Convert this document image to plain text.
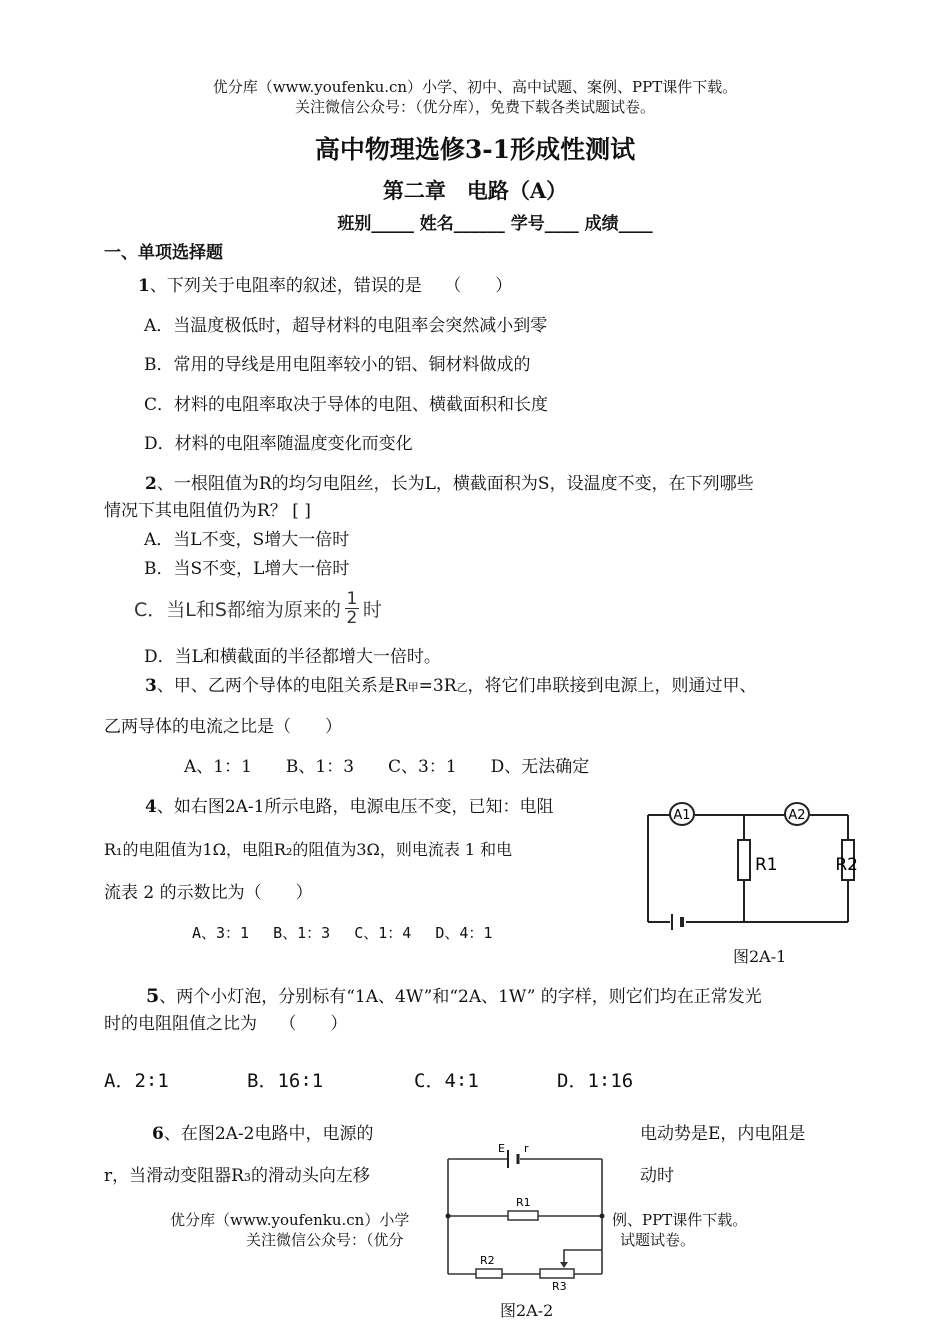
优分库（www.youfenku.cn）小学、初中、高中试题、案例、PPT课件下载。
关注微信公众号：（优分库），免费下载各类试题试卷。
高中物理选修3-1形成性测试
第二章　电路（A）
班别_____ 姓名______ 学号____ 成绩____
一、单项选择题
1、下列关于电阻率的叙述，错误的是　 （　　）
A．当温度极低时，超导材料的电阻率会突然减小到零
B．常用的导线是用电阻率较小的铝、铜材料做成的
C．材料的电阻率取决于导体的电阻、横截面积和长度
D．材料的电阻率随温度变化而变化
2、一根阻值为R的均匀电阻丝，长为L，横截面积为S，设温度不变，在下列哪些
情况下其电阻值仍为R？ [ ]
A．当L不变，S增大一倍时
B．当S不变，L增大一倍时
C．当L和S都缩为原来的 1
2 时
D．当L和横截面的半径都增大一倍时。
3、甲、乙两个导体的电阻关系是R甲=3R乙，将它们串联接到电源上，则通过甲、
乙两导体的电流之比是（　　）
A、1：1　　B、1：3　　C、3：1　　D、无法确定
4、如右图2A-1所示电路，电源电压不变，已知：电阻
R₁的电阻值为1Ω，电阻R₂的阻值为3Ω，则电流表 1 和电
流表 2 的示数比为（　　）
A、3：1　 B、1：3　 C、1：4　 D、4：1
A1	A2
R1	R2
图2A-1
5、两个小灯泡，分别标有“1A、4W”和“2A、1W” 的字样，则它们均在正常发光
时的电阻阻值之比为　 （　　）
A．2∶1	B．16∶1	C．4∶1	D．1∶16
6、在图2A-2电路中，电源的	电动势是E，内电阻是
r，当滑动变阻器R3的滑动头向左移	动时
E r
R1
R2
R3
图2A-2
优分库（www.youfenku.cn）小学	例、PPT课件下载。
关注微信公众号：（优分	试题试卷。
